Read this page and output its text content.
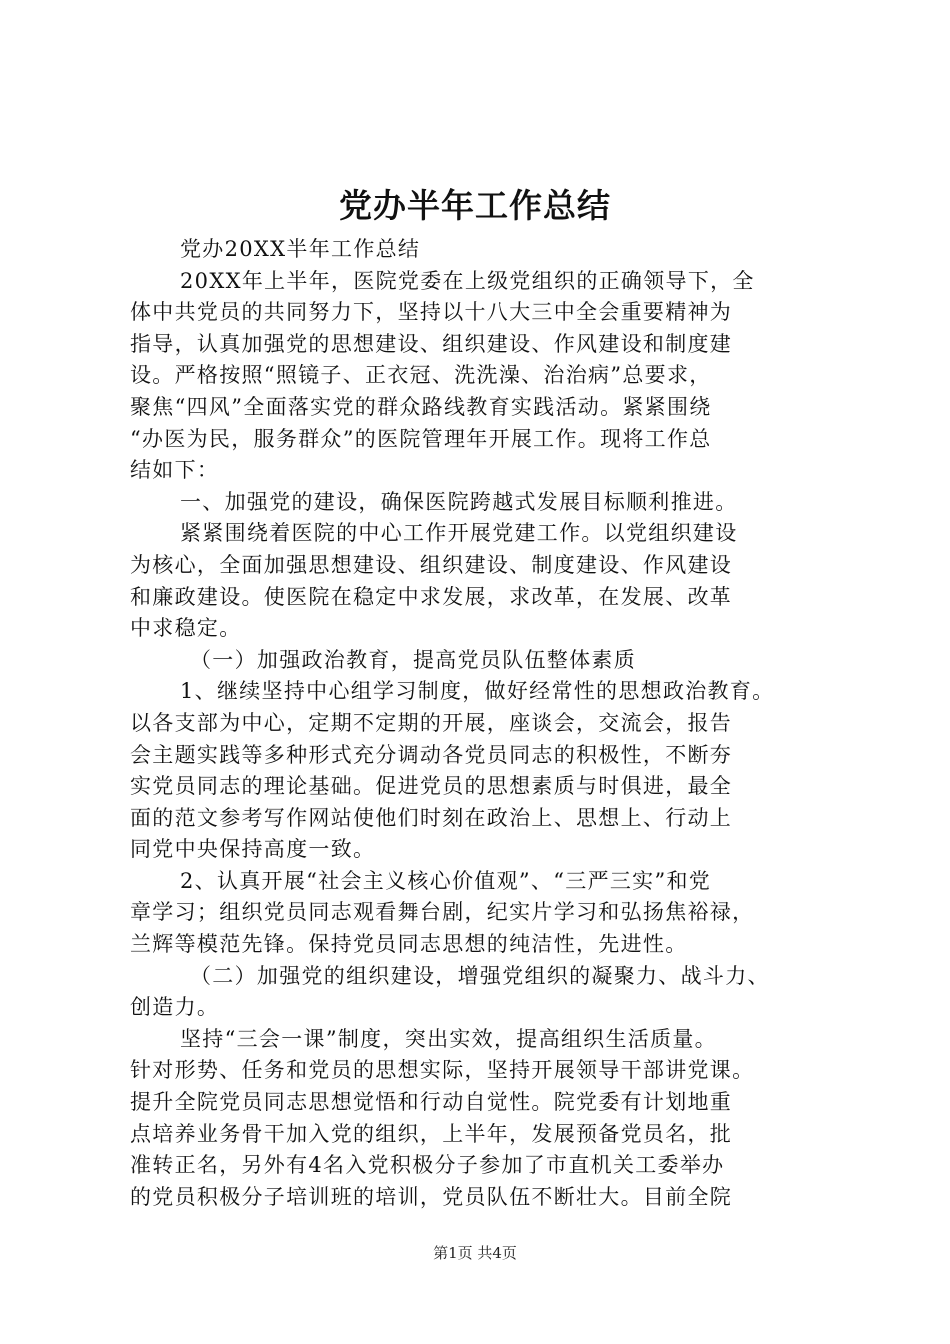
党办半年工作总结
党办20XX半年工作总结
20XX年上半年，医院党委在上级党组织的正确领导下，全
体中共党员的共同努力下，坚持以十八大三中全会重要精神为
指导，认真加强党的思想建设、组织建设、作风建设和制度建
设。严格按照“照镜子、正衣冠、洗洗澡、治治病”总要求，
聚焦“四风”全面落实党的群众路线教育实践活动。紧紧围绕
“办医为民，服务群众”的医院管理年开展工作。现将工作总
结如下：
一、加强党的建设，确保医院跨越式发展目标顺利推进。
紧紧围绕着医院的中心工作开展党建工作。以党组织建设
为核心，全面加强思想建设、组织建设、制度建设、作风建设
和廉政建设。使医院在稳定中求发展，求改革，在发展、改革
中求稳定。
（一）加强政治教育，提高党员队伍整体素质
1、继续坚持中心组学习制度，做好经常性的思想政治教育。
以各支部为中心，定期不定期的开展，座谈会，交流会，报告
会主题实践等多种形式充分调动各党员同志的积极性，不断夯
实党员同志的理论基础。促进党员的思想素质与时俱进，最全
面的范文参考写作网站使他们时刻在政治上、思想上、行动上
同党中央保持高度一致。
2、认真开展“社会主义核心价值观”、“三严三实”和党
章学习；组织党员同志观看舞台剧，纪实片学习和弘扬焦裕禄，
兰辉等模范先锋。保持党员同志思想的纯洁性，先进性。
（二）加强党的组织建设，增强党组织的凝聚力、战斗力、
创造力。
坚持“三会一课”制度，突出实效，提高组织生活质量。
针对形势、任务和党员的思想实际，坚持开展领导干部讲党课。
提升全院党员同志思想觉悟和行动自觉性。院党委有计划地重
点培养业务骨干加入党的组织，上半年，发展预备党员名，批
准转正名，另外有4名入党积极分子参加了市直机关工委举办
的党员积极分子培训班的培训，党员队伍不断壮大。目前全院
第1页 共4页
